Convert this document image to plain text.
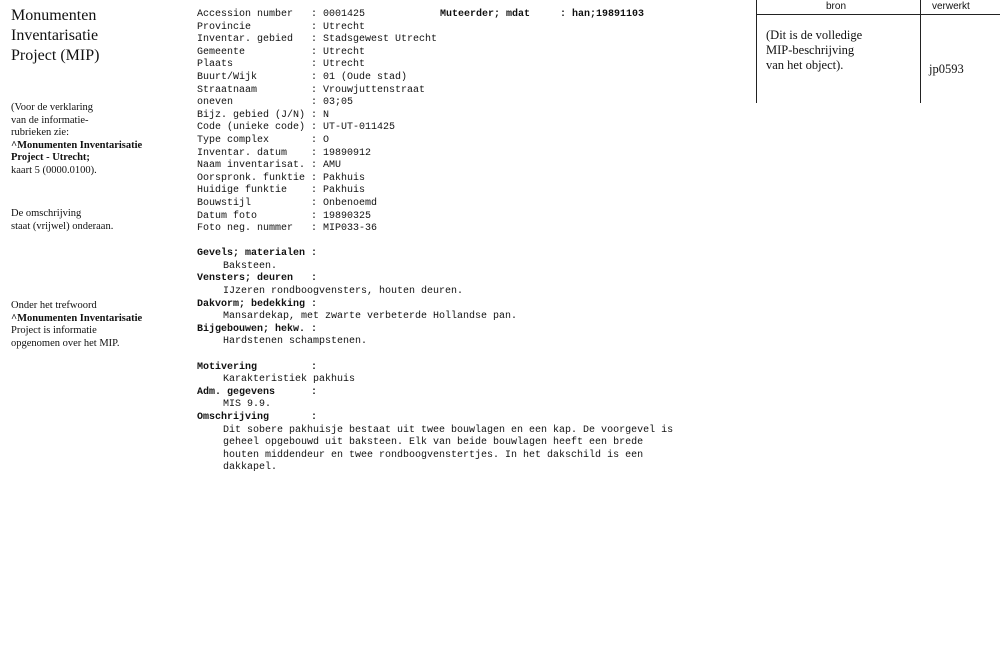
Monumenten
Inventarisatie
Project (MIP)
(Voor de verklaring
van de informatie-
rubrieken zie:
^Monumenten Inventarisatie
Project - Utrecht;
kaart 5 (0000.0100).
De omschrijving
staat (vrijwel) onderaan.
Onder het trefwoord
^Monumenten Inventarisatie
Project is informatie
opgenomen over het MIP.
Muteerder; mdat	: han;19891103
Accession number   : 0001425
Provincie          : Utrecht
Inventar. gebied   : Stadsgewest Utrecht
Gemeente           : Utrecht
Plaats             : Utrecht
Buurt/Wijk         : 01 (Oude stad)
Straatnaam         : Vrouwjuttenstraat
oneven             : 03;05
Bijz. gebied (J/N) : N
Code (unieke code) : UT-UT-011425
Type complex       : O
Inventar. datum    : 19890912
Naam inventarisat. : AMU
Oorspronk. funktie : Pakhuis
Huidige funktie    : Pakhuis
Bouwstijl          : Onbenoemd
Datum foto         : 19890325
Foto neg. nummer   : MIP033-36
Gevels; materialen :
Baksteen.
Vensters; deuren   :
IJzeren rondboogvensters, houten deuren.
Dakvorm; bedekking :
Mansardekap, met zwarte verbeterde Hollandse pan.
Bijgebouwen; hekw. :
Hardstenen schampstenen.
Motivering         :
Karakteristiek pakhuis
Adm. gegevens      :
MIS 9.9.
Omschrijving       :
Dit sobere pakhuisje bestaat uit twee bouwlagen en een kap. De voorgevel is
geheel opgebouwd uit baksteen. Elk van beide bouwlagen heeft een brede
houten middendeur en twee rondboogvenstertjes. In het dakschild is een
dakkapel.
bron	verwerkt
(Dit is de volledige
MIP-beschrijving
van het object).	jp0593
